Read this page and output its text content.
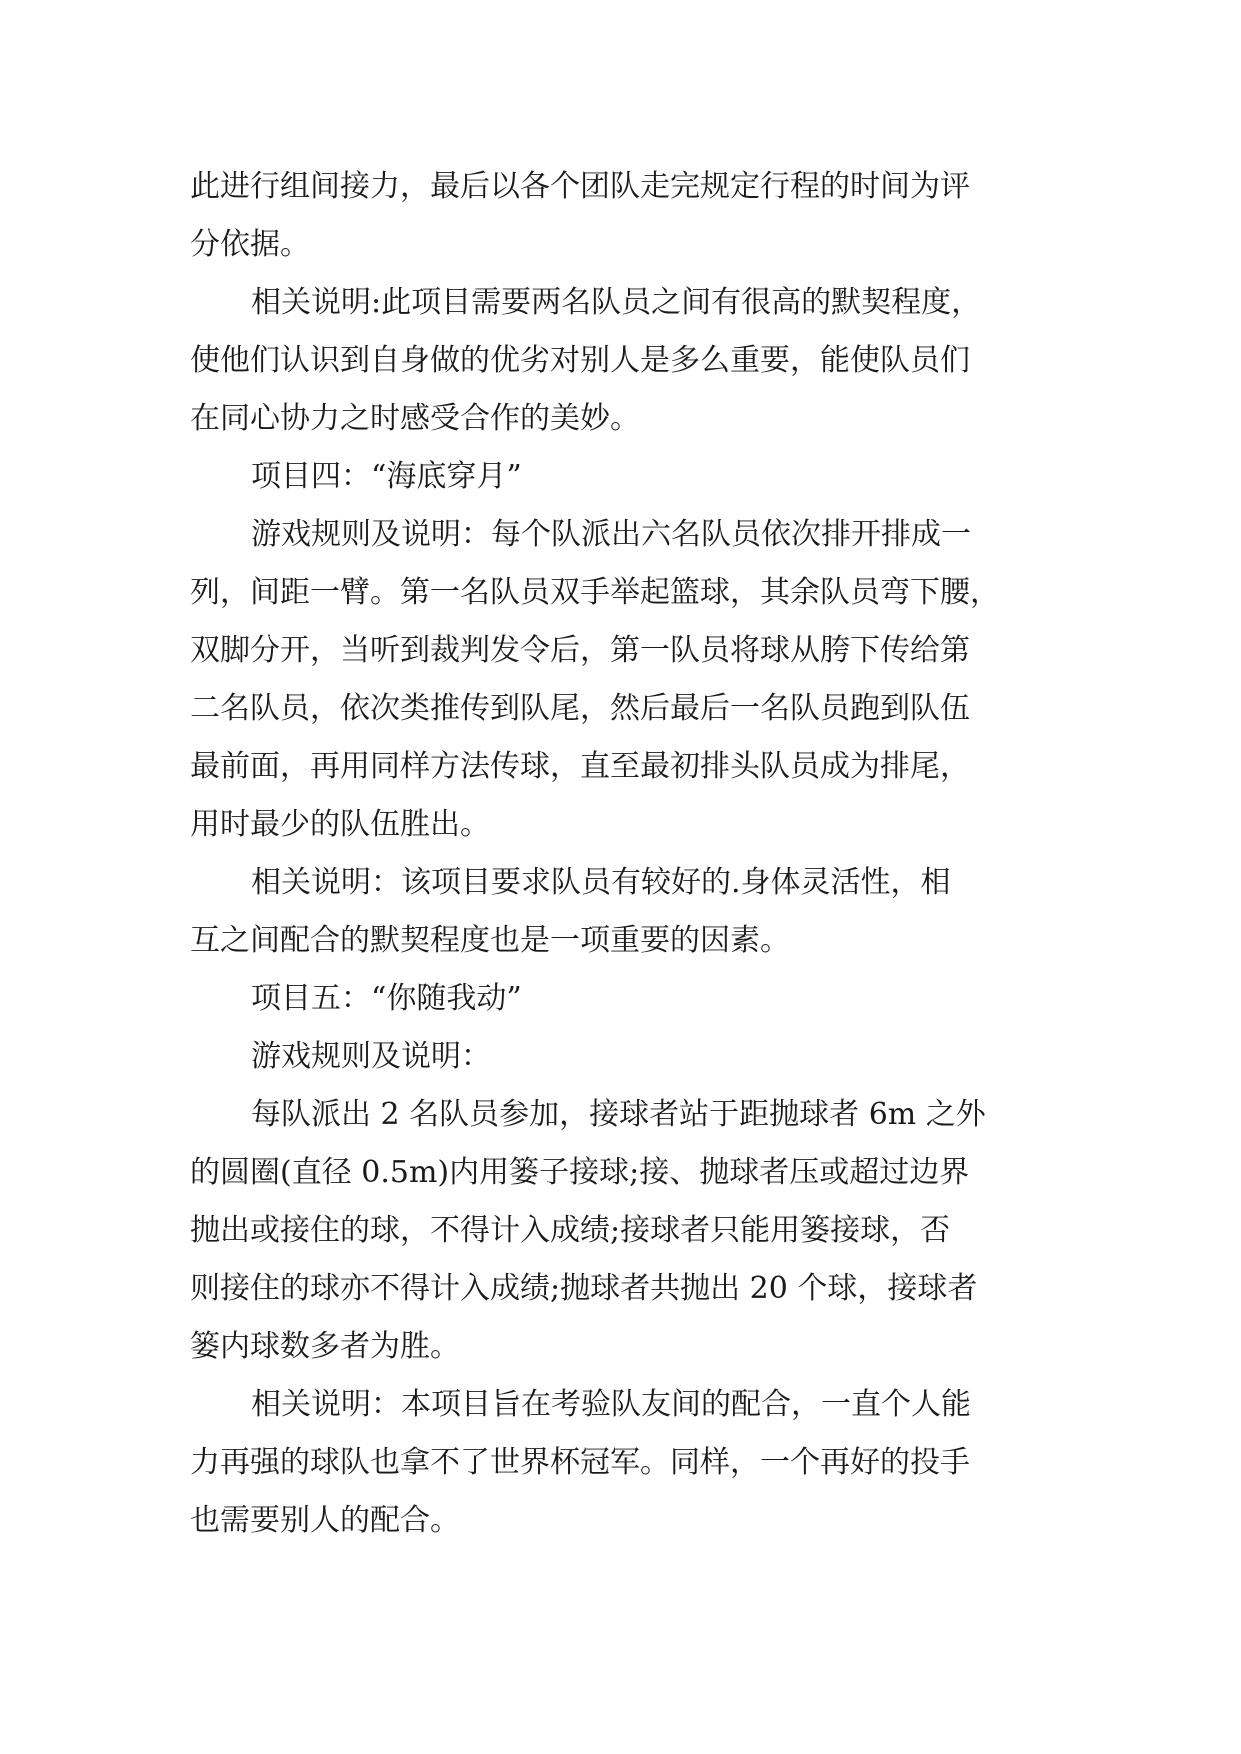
此进行组间接力，最后以各个团队走完规定行程的时间为评
分依据。
相关说明:此项目需要两名队员之间有很高的默契程度，
使他们认识到自身做的优劣对别人是多么重要，能使队员们
在同心协力之时感受合作的美妙。
项目四：“海底穿月”
游戏规则及说明：每个队派出六名队员依次排开排成一
列，间距一臂。第一名队员双手举起篮球，其余队员弯下腰，
双脚分开，当听到裁判发令后，第一队员将球从胯下传给第
二名队员，依次类推传到队尾，然后最后一名队员跑到队伍
最前面，再用同样方法传球，直至最初排头队员成为排尾，
用时最少的队伍胜出。
相关说明：该项目要求队员有较好的.身体灵活性，相
互之间配合的默契程度也是一项重要的因素。
项目五：“你随我动”
游戏规则及说明：
每队派出 2 名队员参加，接球者站于距抛球者 6m 之外
的圆圈(直径 0.5m)内用篓子接球;接、抛球者压或超过边界
抛出或接住的球，不得计入成绩;接球者只能用篓接球，否
则接住的球亦不得计入成绩;抛球者共抛出 20 个球，接球者
篓内球数多者为胜。
相关说明：本项目旨在考验队友间的配合，一直个人能
力再强的球队也拿不了世界杯冠军。同样，一个再好的投手
也需要别人的配合。
